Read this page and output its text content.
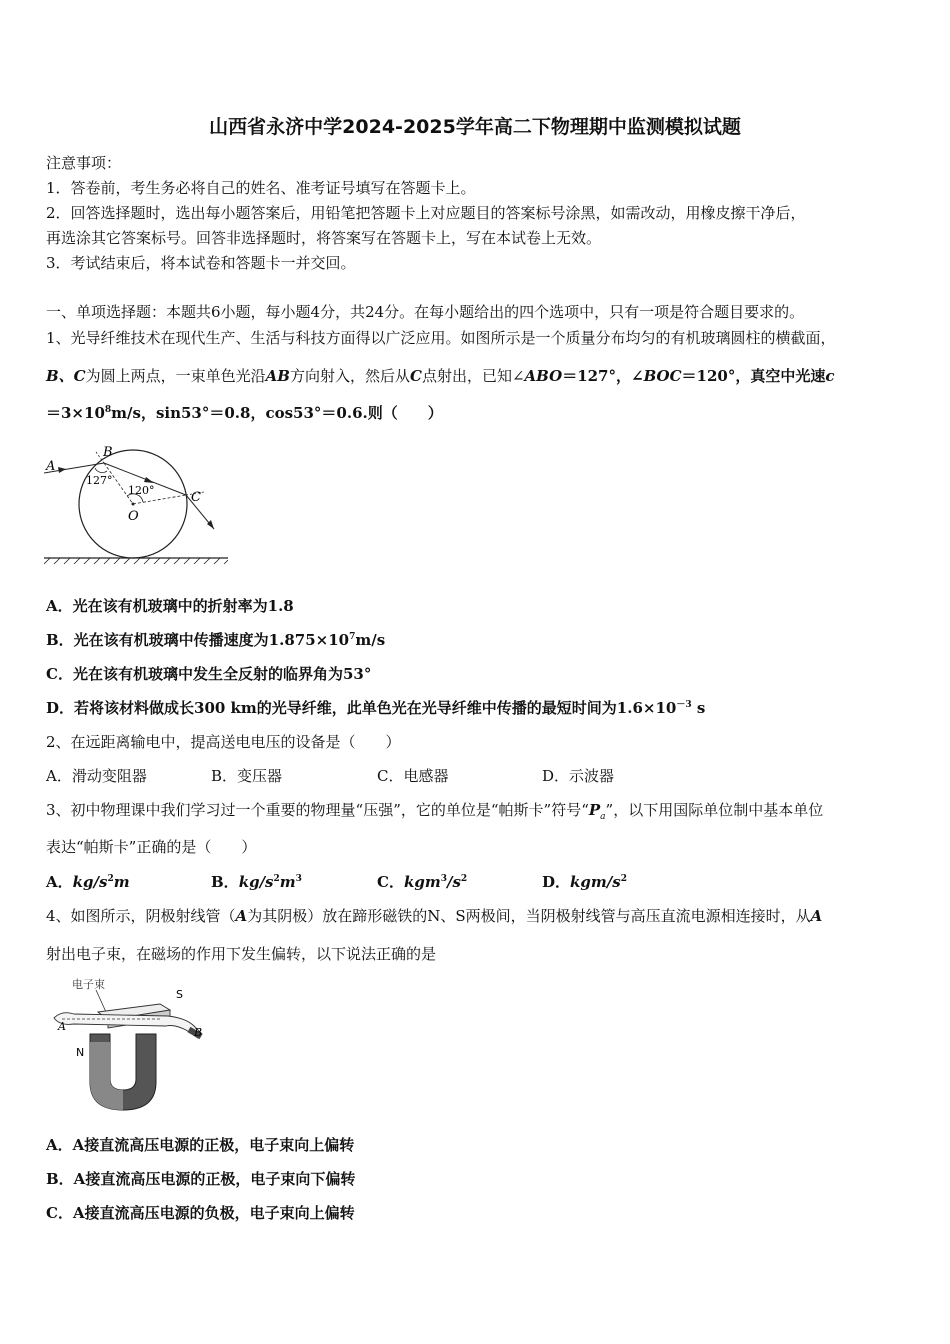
山西省永济中学2024-2025学年高二下物理期中监测模拟试题
注意事项：
1．答卷前，考生务必将自己的姓名、准考证号填写在答题卡上。
2．回答选择题时，选出每小题答案后，用铅笔把答题卡上对应题目的答案标号涂黑，如需改动，用橡皮擦干净后，
再选涂其它答案标号。回答非选择题时，将答案写在答题卡上，写在本试卷上无效。
3．考试结束后，将本试卷和答题卡一并交回。
一、单项选择题：本题共6小题，每小题4分，共24分。在每小题给出的四个选项中，只有一项是符合题目要求的。
1、光导纤维技术在现代生产、生活与科技方面得以广泛应用。如图所示是一个质量分布均匀的有机玻璃圆柱的横截面，
B、C为圆上两点，一束单色光沿AB方向射入，然后从C点射出，已知∠ABO＝127°，∠BOC＝120°，真空中光速c
$=3\times 10^8m/s$，sin53°＝0.8，cos53°＝0.6.则（　　）
A
B
C
O
127°
120°
A．光在该有机玻璃中的折射率为1.8
B．光在该有机玻璃中传播速度为$1.875\times 10^7m/s$
C．光在该有机玻璃中发生全反射的临界角为53°
D．若将该材料做成长300 km的光导纤维，此单色光在光导纤维中传播的最短时间为$1.6\times 10^{-3}$ s
2、在远距离输电中，提高送电电压的设备是（　　）
A．滑动变阻器	B．变压器	C．电感器	D．示波器
3、初中物理课中我们学习过一个重要的物理量“压强”，它的单位是“帕斯卡”符号“$P_a$”，以下用国际单位制中基本单位
表达“帕斯卡”正确的是（　　）
A．$kg/s^2m$	B．$kg/s^2m^3$	C．$kgm^3/s^2$	D．kgm/$s^2$
4、如图所示，阴极射线管（A为其阴极）放在蹄形磁铁的N、S两极间，当阴极射线管与高压直流电源相连接时，从A
射出电子束，在磁场的作用下发生偏转，以下说法正确的是
电子束
S
N
A	B
A．A接直流高压电源的正极，电子束向上偏转
B．A接直流高压电源的正极，电子束向下偏转
C．A接直流高压电源的负极，电子束向上偏转
